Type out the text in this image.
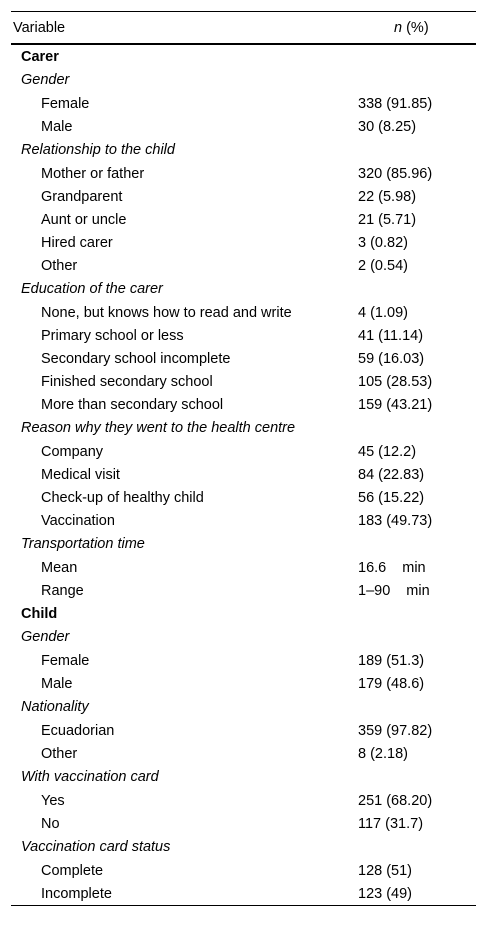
Variable	n (%)
Carer	
Gender	
Female	338 (91.85)
Male	30 (8.25)
Relationship to the child	
Mother or father	320 (85.96)
Grandparent	22 (5.98)
Aunt or uncle	21 (5.71)
Hired carer	3 (0.82)
Other	2 (0.54)
Education of the carer	
None, but knows how to read and write	4 (1.09)
Primary school or less	41 (11.14)
Secondary school incomplete	59 (16.03)
Finished secondary school	105 (28.53)
More than secondary school	159 (43.21)
Reason why they went to the health centre	
Company	45 (12.2)
Medical visit	84 (22.83)
Check-up of healthy child	56 (15.22)
Vaccination	183 (49.73)
Transportation time	
Mean	16.6 min
Range	1–90 min
Child	
Gender	
Female	189 (51.3)
Male	179 (48.6)
Nationality	
Ecuadorian	359 (97.82)
Other	8 (2.18)
With vaccination card	
Yes	251 (68.20)
No	117 (31.7)
Vaccination card status	
Complete	128 (51)
Incomplete	123 (49)
